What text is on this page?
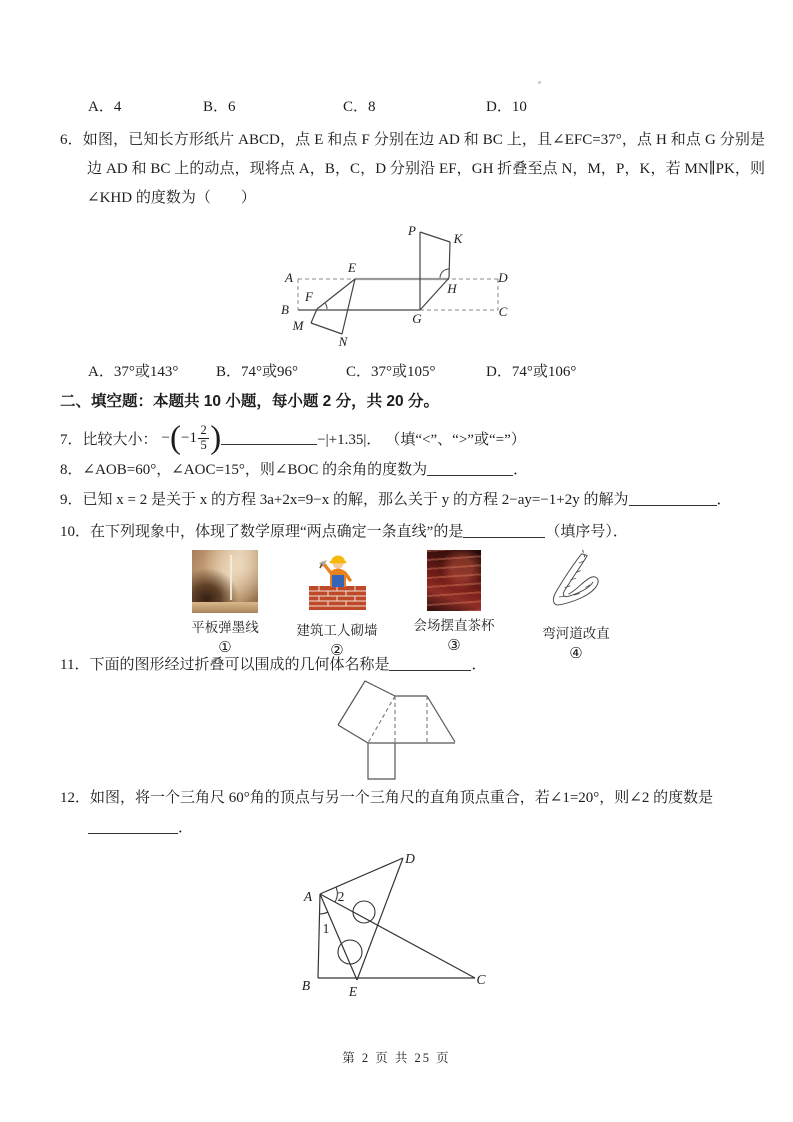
A．4	B．6	C．8	D．10
6．如图，已知长方形纸片 ABCD，点 E 和点 F 分别在边 AD 和 BC 上，且∠EFC=37°，点 H 和点 G 分别是边 AD 和 BC 上的动点，现将点 A，B，C，D 分别沿 EF，GH 折叠至点 N，M，P，K，若 MN∥PK，则∠KHD 的度数为（　　）
A
B	C
D
E
F
G
H
M
N
P
K
A．37°或143°	B．74°或96°	C．37°或105°	D．74°或106°
二、填空题：本题共 10 小题，每小题 2 分，共 20 分。
7． 比较大小： − ( $-1 \frac{2}{5}$ )	−|+1.35|． （填“<”、“>”或“=”）
8．∠AOB=60°，∠AOC=15°，则∠BOC 的余角的度数为	．
9．已知 x = 2 是关于 x 的方程 3a+2x=9−x 的解，那么关于 y 的方程 2−ay=−1+2y 的解为	．
10．在下列现象中，体现了数学原理“两点确定一条直线”的是	（填序号）．
平板弹墨线
①
建筑工人砌墙
②
会场摆直茶杯
③
弯河道改直
④
11．下面的图形经过折叠可以围成的几何体名称是	．
12．如图，将一个三角尺 60°角的顶点与另一个三角尺的直角顶点重合，若∠1=20°，则∠2 的度数是
．
A
D
B	E
C
1
2
第 2 页 共 25 页
